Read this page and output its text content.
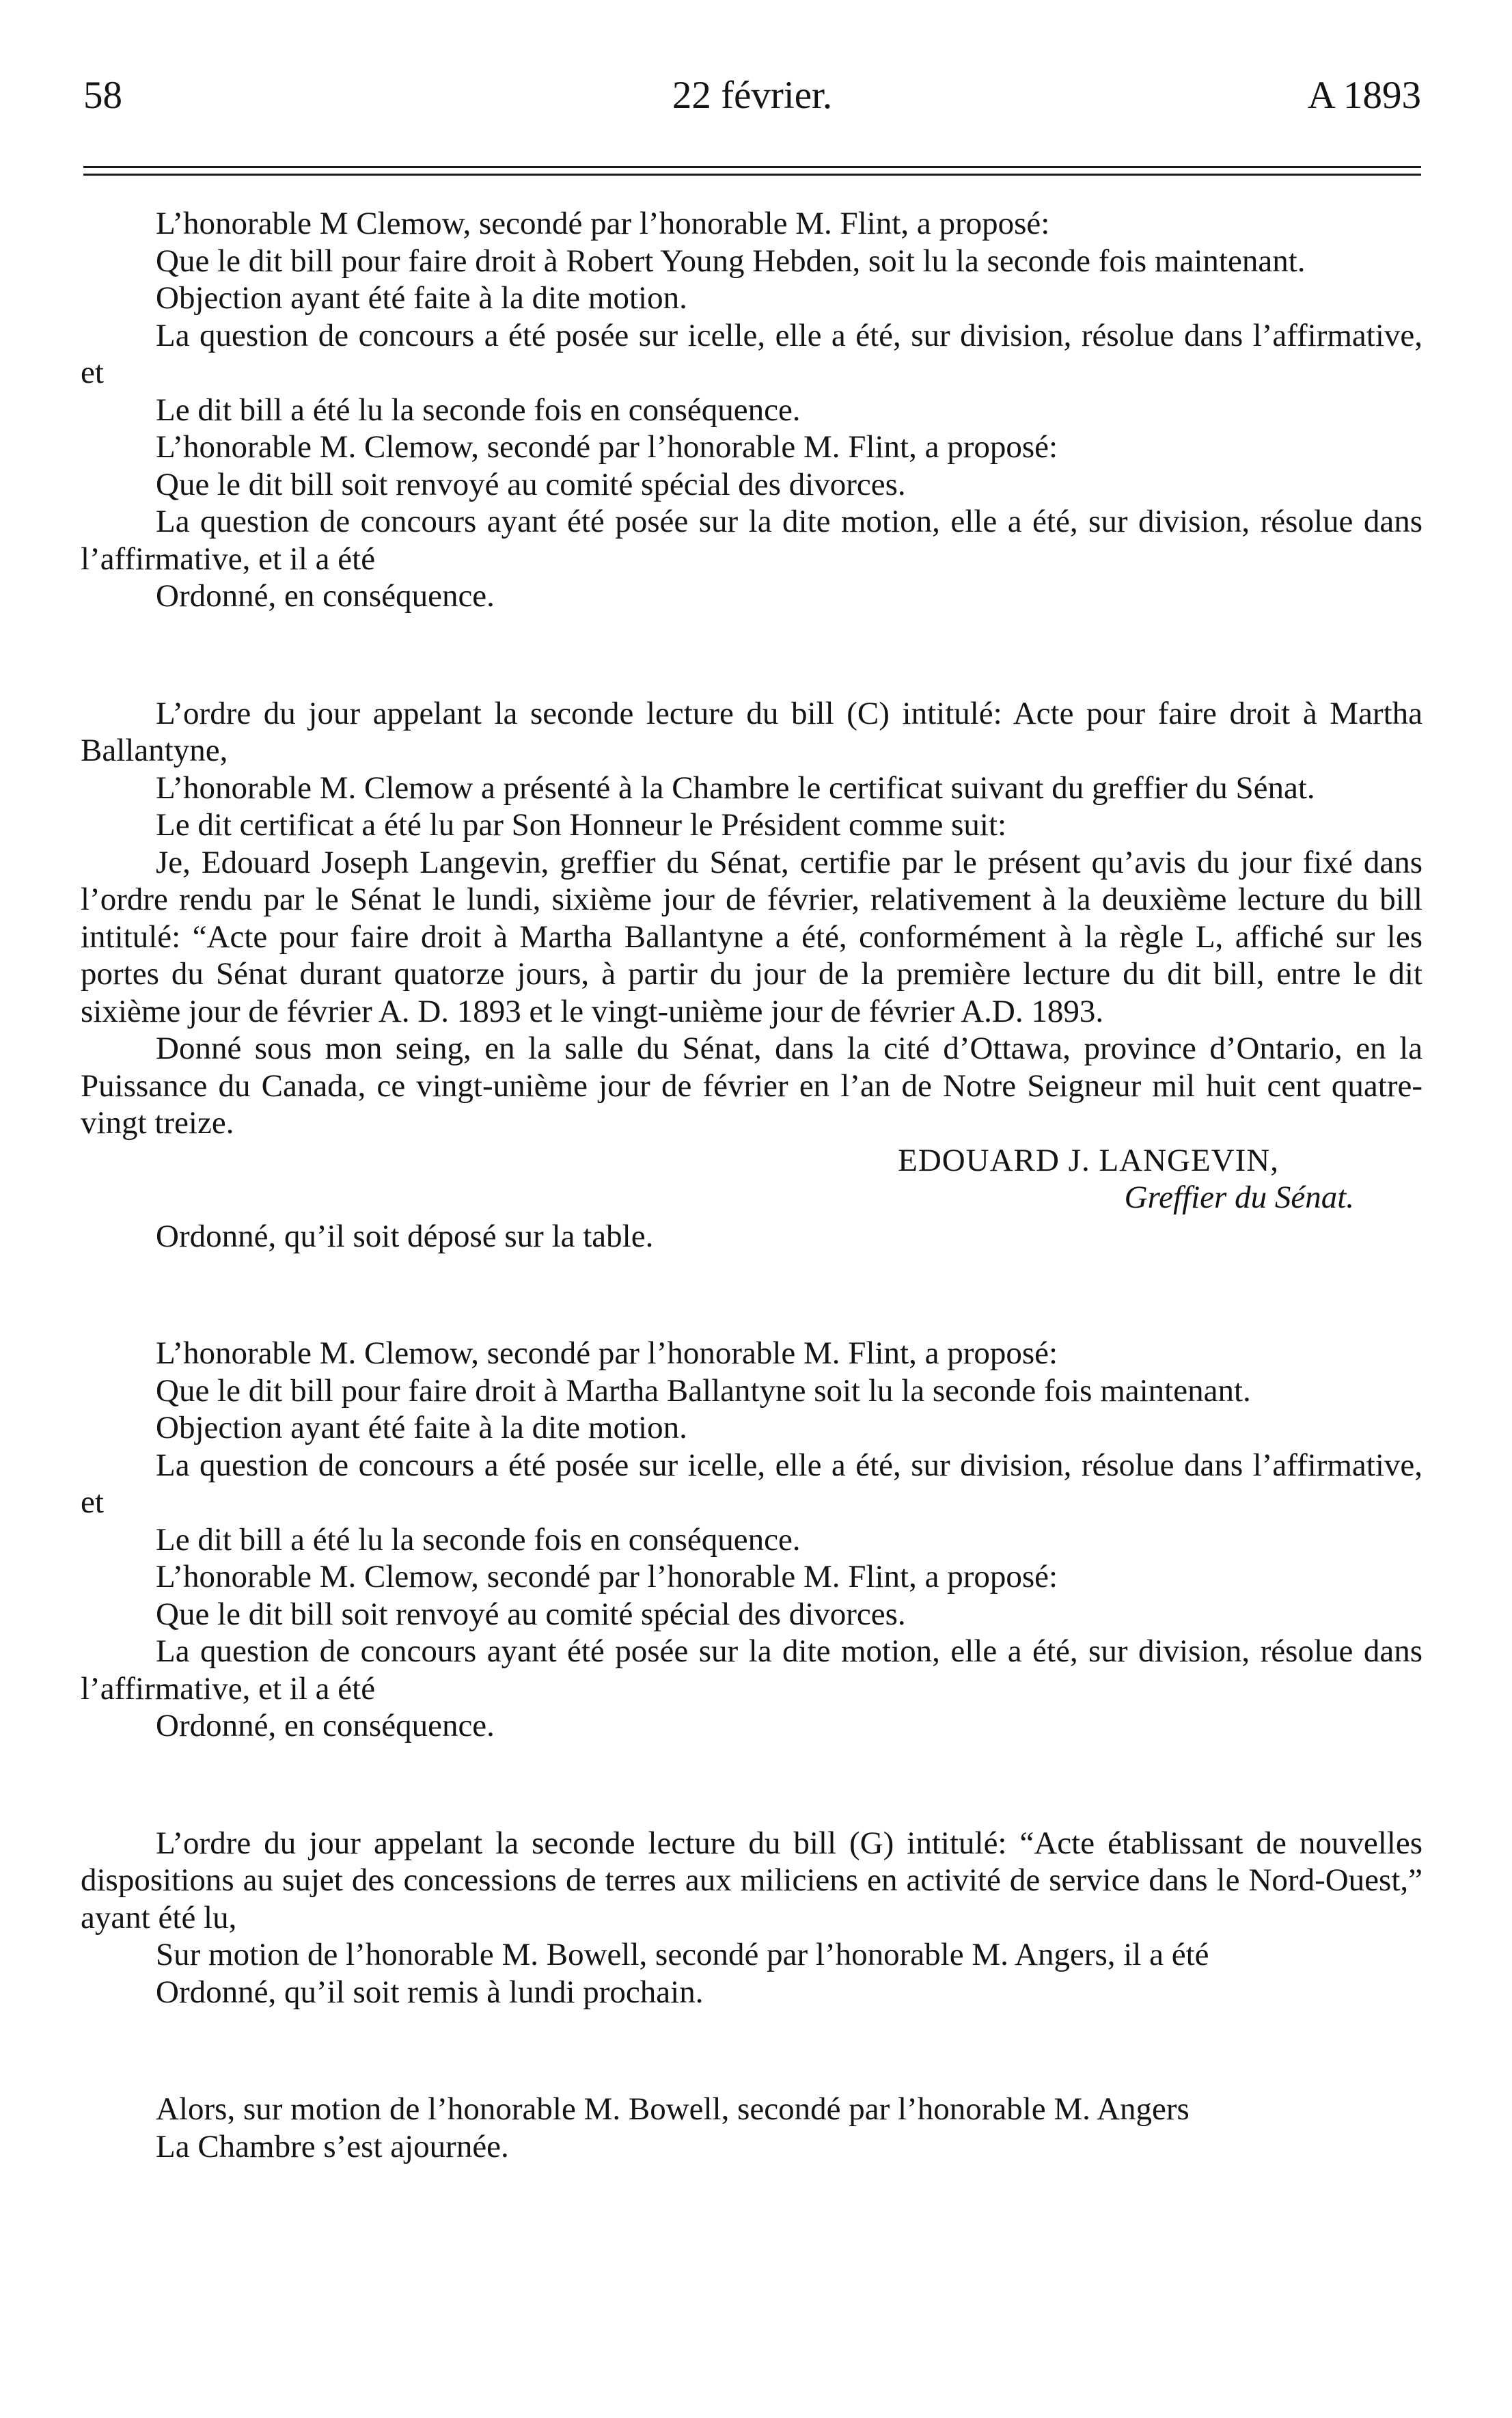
58	22 février.	A 1893

L’honorable M Clemow, secondé par l’honorable M. Flint, a proposé:

Que le dit bill pour faire droit à Robert Young Hebden, soit lu la seconde fois maintenant.

Objection ayant été faite à la dite motion.

La question de concours a été posée sur icelle, elle a été, sur division, résolue dans l’affirmative, et

Le dit bill a été lu la seconde fois en conséquence.

L’honorable M. Clemow, secondé par l’honorable M. Flint, a proposé:

Que le dit bill soit renvoyé au comité spécial des divorces.

La question de concours ayant été posée sur la dite motion, elle a été, sur division, résolue dans l’affirmative, et il a été

Ordonné, en conséquence.

L’ordre du jour appelant la seconde lecture du bill (C) intitulé: Acte pour faire droit à Martha Ballantyne,

L’honorable M. Clemow a présenté à la Chambre le certificat suivant du greffier du Sénat.

Le dit certificat a été lu par Son Honneur le Président comme suit:

Je, Edouard Joseph Langevin, greffier du Sénat, certifie par le présent qu’avis du jour fixé dans l’ordre rendu par le Sénat le lundi, sixième jour de février, relativement à la deuxième lecture du bill intitulé: “Acte pour faire droit à Martha Ballantyne a été, conformément à la règle L, affiché sur les portes du Sénat durant quatorze jours, à partir du jour de la première lecture du dit bill, entre le dit sixième jour de février A. D. 1893 et le vingt-unième jour de février A.D. 1893.

Donné sous mon seing, en la salle du Sénat, dans la cité d’Ottawa, province d’Ontario, en la Puissance du Canada, ce vingt-unième jour de février en l’an de Notre Seigneur mil huit cent quatre-vingt treize.

EDOUARD J. LANGEVIN,

Greffier du Sénat.

Ordonné, qu’il soit déposé sur la table.

L’honorable M. Clemow, secondé par l’honorable M. Flint, a proposé:

Que le dit bill pour faire droit à Martha Ballantyne soit lu la seconde fois maintenant.

Objection ayant été faite à la dite motion.

La question de concours a été posée sur icelle, elle a été, sur division, résolue dans l’affirmative, et

Le dit bill a été lu la seconde fois en conséquence.

L’honorable M. Clemow, secondé par l’honorable M. Flint, a proposé:

Que le dit bill soit renvoyé au comité spécial des divorces.

La question de concours ayant été posée sur la dite motion, elle a été, sur division, résolue dans l’affirmative, et il a été

Ordonné, en conséquence.

L’ordre du jour appelant la seconde lecture du bill (G) intitulé: “Acte établissant de nouvelles dispositions au sujet des concessions de terres aux miliciens en activité de service dans le Nord-Ouest,” ayant été lu,

Sur motion de l’honorable M. Bowell, secondé par l’honorable M. Angers, il a été

Ordonné, qu’il soit remis à lundi prochain.

Alors, sur motion de l’honorable M. Bowell, secondé par l’honorable M. Angers

La Chambre s’est ajournée.
